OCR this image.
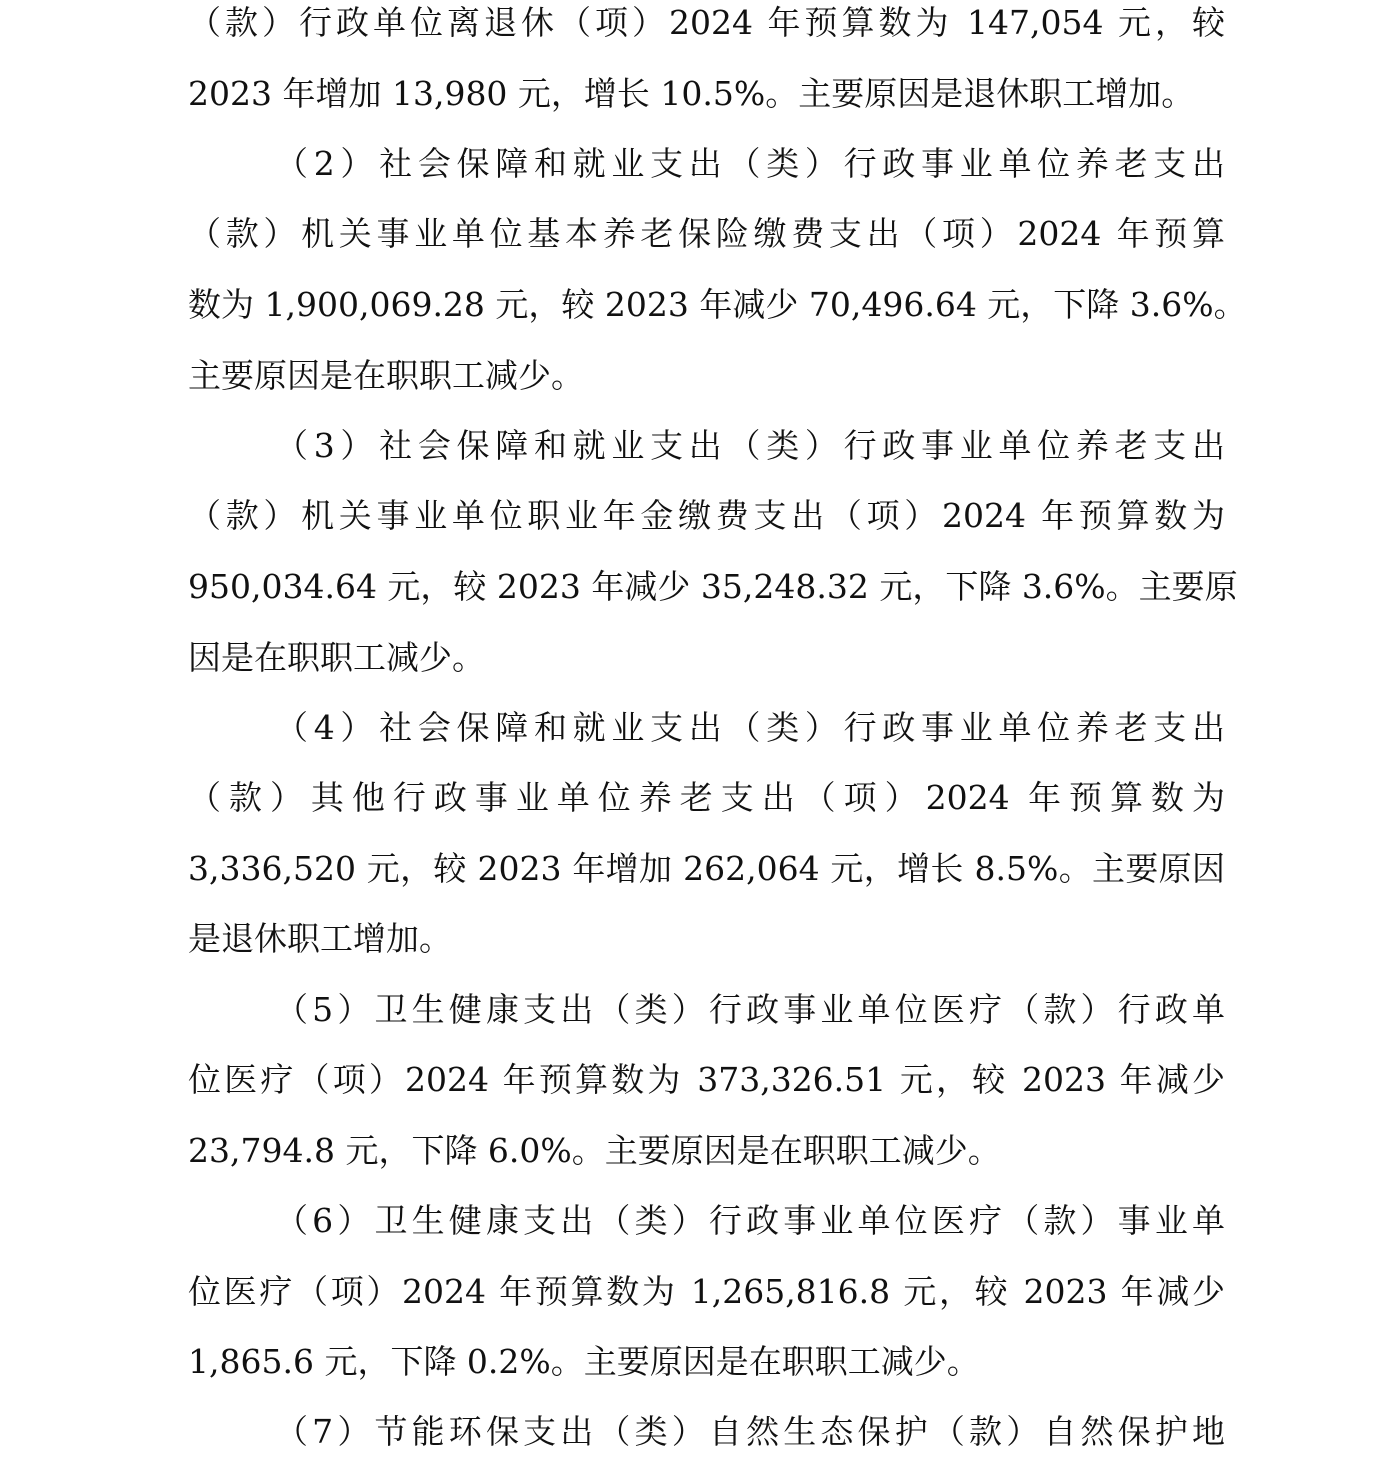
（款）行政单位离退休（项）2024 年预算数为 147,054 元，较
2023 年增加 13,980 元，增长 10.5%。主要原因是退休职工增加。
（2）社会保障和就业支出（类）行政事业单位养老支出
（款）机关事业单位基本养老保险缴费支出（项）2024 年预算
数为 1,900,069.28 元，较 2023 年减少 70,496.64 元，下降 3.6%。
主要原因是在职职工减少。
（3）社会保障和就业支出（类）行政事业单位养老支出
（款）机关事业单位职业年金缴费支出（项）2024 年预算数为
950,034.64 元，较 2023 年减少 35,248.32 元，下降 3.6%。主要原
因是在职职工减少。
（4）社会保障和就业支出（类）行政事业单位养老支出
（款）其他行政事业单位养老支出（项）2024 年预算数为
3,336,520 元，较 2023 年增加 262,064 元，增长 8.5%。主要原因
是退休职工增加。
（5）卫生健康支出（类）行政事业单位医疗（款）行政单
位医疗（项）2024 年预算数为 373,326.51 元，较 2023 年减少
23,794.8 元，下降 6.0%。主要原因是在职职工减少。
（6）卫生健康支出（类）行政事业单位医疗（款）事业单
位医疗（项）2024 年预算数为 1,265,816.8 元，较 2023 年减少
1,865.6 元，下降 0.2%。主要原因是在职职工减少。
（7）节能环保支出（类）自然生态保护（款）自然保护地
